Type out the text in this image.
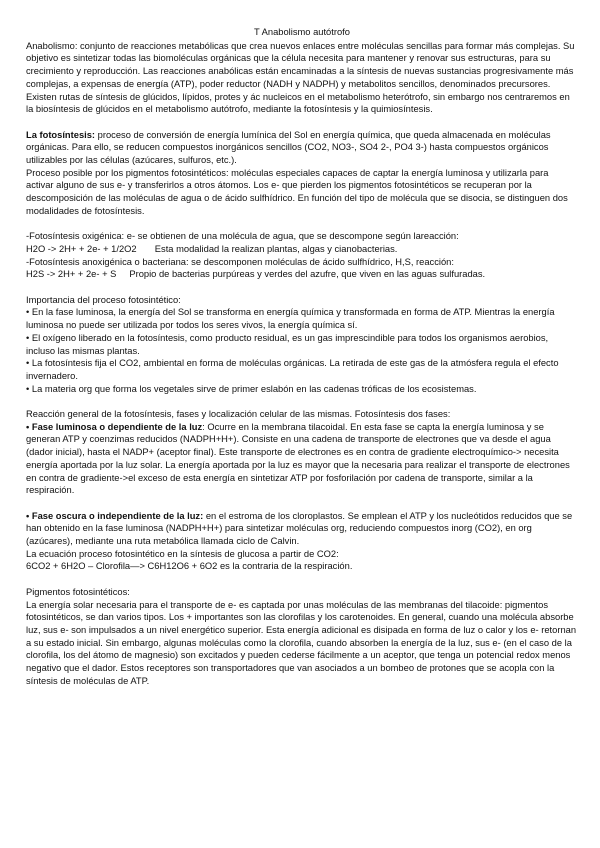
T Anabolismo autótrofo

Anabolismo: conjunto de reacciones metabólicas que crea nuevos enlaces entre moléculas sencillas para formar más complejas. Su objetivo es sintetizar todas las biomoléculas orgánicas que la célula necesita para mantener y renovar sus estructuras, para su crecimiento y reproducción. Las reacciones anabólicas están encaminadas a la síntesis de nuevas sustancias progresivamente más complejas, a expensas de energía (ATP), poder reductor (NADH y NADPH) y metabolitos sencillos, denominados precursores. Existen rutas de síntesis de glúcidos, lípidos, protes y ác nucleicos en el metabolismo heterótrofo, sin embargo nos centraremos en la biosíntesis de glúcidos en el metabolismo autótrofo, mediante la fotosíntesis y la quimiosíntesis.

La fotosíntesis: proceso de conversión de energía lumínica del Sol en energía química, que queda almacenada en moléculas orgánicas. Para ello, se reducen compuestos inorgánicos sencillos (CO2, NO3-, SO4 2-, PO4 3-) hasta compuestos orgánicos utilizables por las células (azúcares, sulfuros, etc.).

Proceso posible por los pigmentos fotosintéticos: moléculas especiales capaces de captar la energía luminosa y utilizarla para activar alguno de sus e- y transferirlos a otros átomos. Los e- que pierden los pigmentos fotosintéticos se recuperan por la descomposición de las moléculas de agua o de ácido sulfhídrico. En función del tipo de molécula que se disocia, se distinguen dos modalidades de fotosíntesis.

-Fotosíntesis oxigénica: e- se obtienen de una molécula de agua, que se descompone según lareacción:

H2O -> 2H+ + 2e- + 1/2O2       Esta modalidad la realizan plantas, algas y cianobacterias.

-Fotosíntesis anoxigénica o bacteriana: se descomponen moléculas de ácido sulfhídrico, H,S, reacción:

H2S -> 2H+ + 2e- + S     Propio de bacterias purpúreas y verdes del azufre, que viven en las aguas sulfuradas.

Importancia del proceso fotosintético:

• En la fase luminosa, la energía del Sol se transforma en energía química y transformada en forma de ATP. Mientras la energía luminosa no puede ser utilizada por todos los seres vivos, la energía química sí.

• El oxígeno liberado en la fotosíntesis, como producto residual, es un gas imprescindible para todos los organismos aerobios, incluso las mismas plantas.

• La fotosíntesis fija el CO2, ambiental en forma de moléculas orgánicas. La retirada de este gas de la atmósfera regula el efecto invernadero.

• La materia org que forma los vegetales sirve de primer eslabón en las cadenas tróficas de los ecosistemas.

Reacción general de la fotosíntesis, fases y localización celular de las mismas. Fotosíntesis dos fases:

• Fase luminosa o dependiente de la luz: Ocurre en la membrana tilacoidal. En esta fase se capta la energía luminosa y se generan ATP y coenzimas reducidos (NADPH+H+). Consiste en una cadena de transporte de electrones que va desde el agua (dador inicial), hasta el NADP+ (aceptor final). Este transporte de electrones es en contra de gradiente electroquímico-> necesita energía aportada por la luz solar. La energía aportada por la luz es mayor que la necesaria para realizar el transporte de electrones en contra de gradiente->el exceso de esta energía en sintetizar ATP por fosforilación por cadena de transporte, similar a la respiración.

• Fase oscura o independiente de la luz: en el estroma de los cloroplastos. Se emplean el ATP y los nucleótidos reducidos que se han obtenido en la fase luminosa (NADPH+H+) para sintetizar moléculas org, reduciendo compuestos inorg (CO2), en org (azúcares), mediante una ruta metabólica llamada ciclo de Calvin.

La ecuación proceso fotosintético en la síntesis de glucosa a partir de CO2:

6CO2 + 6H2O – Clorofila—> C6H12O6 + 6O2 es la contraria de la respiración.

Pigmentos fotosintéticos:

La energía solar necesaria para el transporte de e- es captada por unas moléculas de las membranas del tilacoide: pigmentos fotosintéticos, se dan varios tipos. Los + importantes son las clorofilas y los carotenoides. En general, cuando una molécula absorbe luz, sus e- son impulsados a un nivel energético superior. Esta energía adicional es disipada en forma de luz o calor y los e- retornan a su estado inicial. Sin embargo, algunas moléculas como la clorofila, cuando absorben la energía de la luz, sus e- (en el caso de la clorofila, los del átomo de magnesio) son excitados y pueden cederse fácilmente a un aceptor, que tenga un potencial redox menos negativo que el dador. Estos receptores son transportadores que van asociados a un bombeo de protones que se acopla con la síntesis de moléculas de ATP.
